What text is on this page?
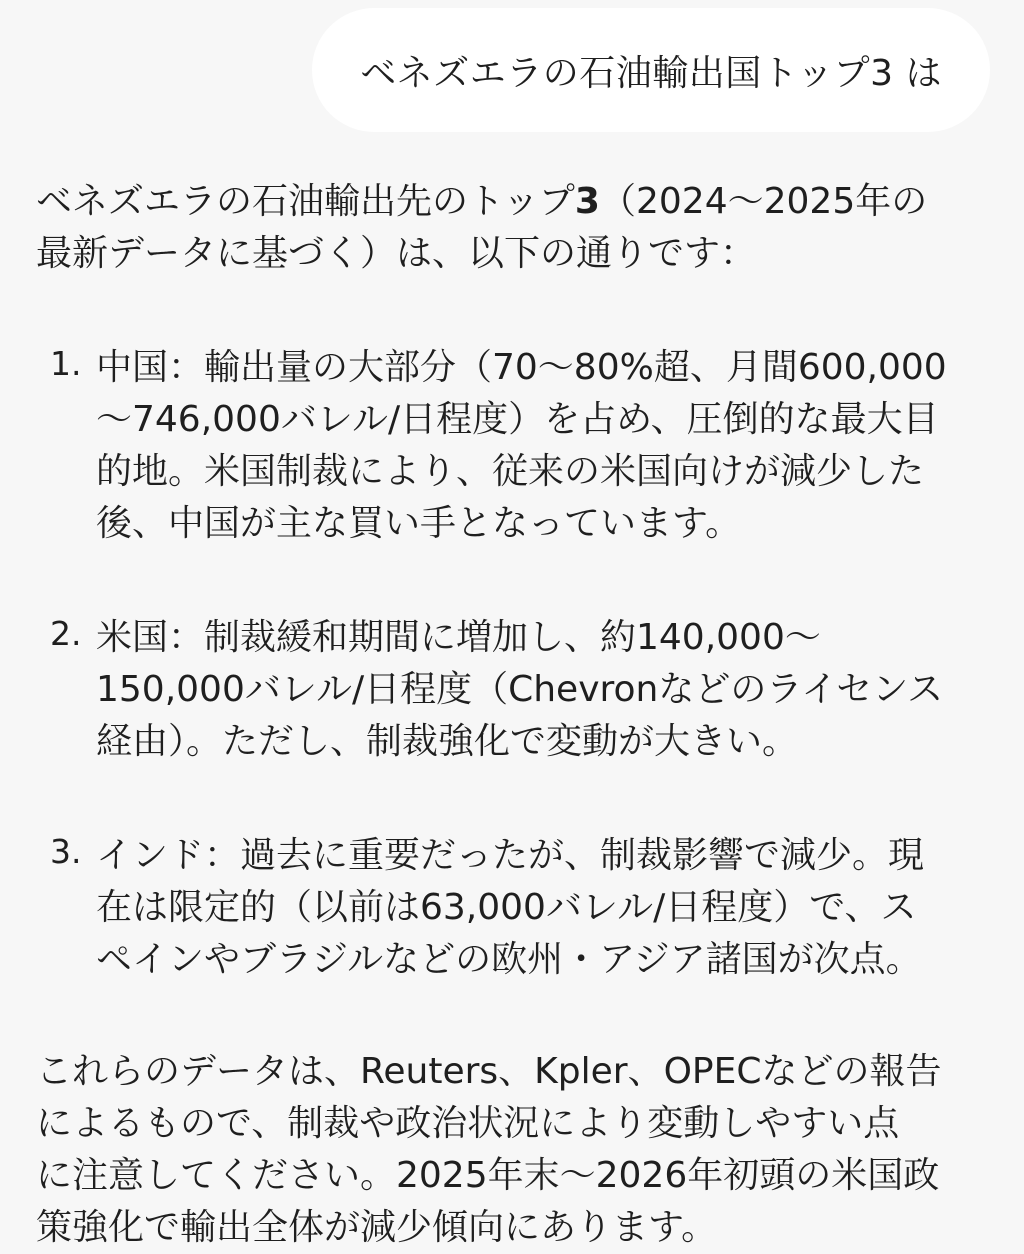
ベネズエラの石油輸出国トップ3 は

ベネズエラの石油輸出先のトップ3（2024〜2025年の

最新データに基づく）は、以下の通りです：

1. 中国：輸出量の大部分（70〜80%超、月間600,000

〜746,000バレル/日程度）を占め、圧倒的な最大目

的地。米国制裁により、従来の米国向けが減少した

後、中国が主な買い手となっています。

2. 米国：制裁緩和期間に増加し、約140,000〜

150,000バレル/日程度（Chevronなどのライセンス

経由）。ただし、制裁強化で変動が大きい。

3. インド：過去に重要だったが、制裁影響で減少。現

在は限定的（以前は63,000バレル/日程度）で、ス

ペインやブラジルなどの欧州・アジア諸国が次点。

これらのデータは、Reuters、Kpler、OPECなどの報告

によるもので、制裁や政治状況により変動しやすい点

に注意してください。2025年末〜2026年初頭の米国政

策強化で輸出全体が減少傾向にあります。
